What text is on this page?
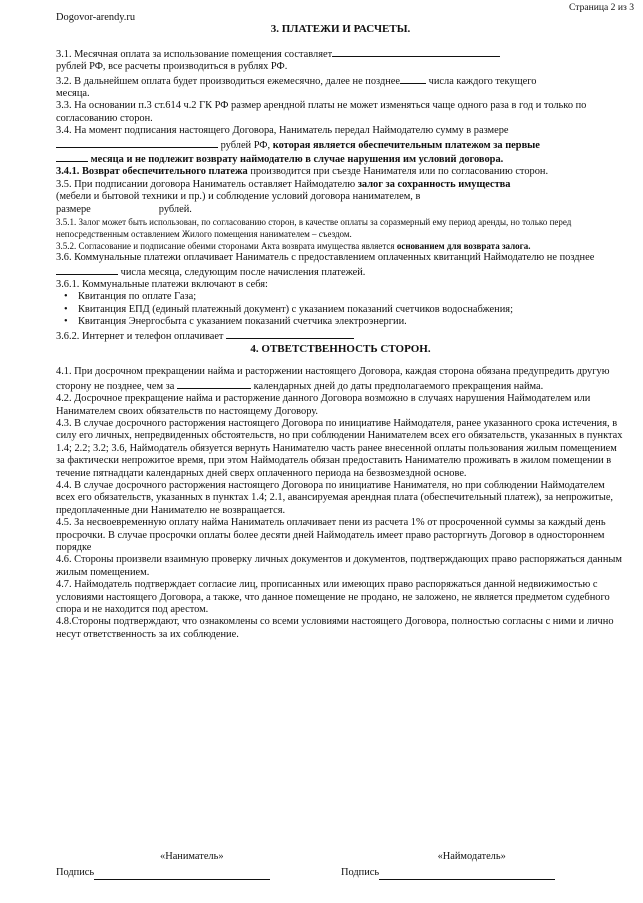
Страница 2 из 3
Dogovor-arendy.ru
3. ПЛАТЕЖИ И РАСЧЕТЫ.

3.1. Месячная оплата за использование помещения составляет
рублей РФ, все расчеты производиться в рублях РФ.

3.2. В дальнейшем оплата будет производиться ежемесячно, далее не позднее	числа каждого текущего
месяца.

3.3. На основании п.3 ст.614 ч.2 ГК РФ размер арендной платы не может изменяться чаще одного раза в год и только по согласованию сторон.

3.4. На момент подписания настоящего Договора, Наниматель передал Наймодателю сумму в размере
рублей РФ, которая является обеспечительным платежом за первые
месяца и не подлежит возврату наймодателю в случае нарушения им условий договора.

3.4.1. Возврат обеспечительного платежа производится при съезде Нанимателя или по согласованию сторон.

3.5. При подписании договора Наниматель оставляет Наймодателю залог за сохранность имущества
(мебели и бытовой техники и пр.) и соблюдение условий договора нанимателем, в
размере	рублей.

3.5.1. Залог может быть использован, по согласованию сторон, в качестве оплаты за соразмерный ему период аренды, но только перед непосредственным оставлением Жилого помещения нанимателем – съездом.

3.5.2. Согласование и подписание обеими сторонами Акта возврата имущества является основанием для возврата залога.

3.6. Коммунальные платежи оплачивает Наниматель с предоставлением оплаченных квитанций Наймодателю не позднее  числа месяца, следующим после начисления платежей.

3.6.1. Коммунальные платежи включают в себя:

• Квитанция по оплате Газа;
• Квитанция ЕПД (единый платежный документ) с указанием показаний счетчиков водоснабжения;
• Квитанция Энергосбыта с указанием показаний счетчика электроэнергии.

3.6.2. Интернет и телефон оплачивает

4. ОТВЕТСТВЕННОСТЬ СТОРОН.

4.1. При досрочном прекращении найма и расторжении настоящего Договора, каждая сторона обязана предупредить другую сторону не позднее, чем за	календарных дней до даты предполагаемого прекращения найма.

4.2. Досрочное прекращение найма и расторжение данного Договора возможно в случаях нарушения Наймодателем или Нанимателем своих обязательств по настоящему Договору.

4.3. В случае досрочного расторжения настоящего Договора по инициативе Наймодателя, ранее указанного срока истечения, в силу его личных, непредвиденных обстоятельств, но при соблюдении Нанимателем всех его обязательств, указанных в пунктах 1.4; 2.2; 3.2; 3.6, Наймодатель обязуется вернуть Нанимателю часть ранее внесенной оплаты пользования жилым помещением за фактически непрожитое время, при этом Наймодатель обязан предоставить Нанимателю проживать в жилом помещении в течение пятнадцати календарных дней сверх оплаченного периода на безвозмездной основе.

4.4. В случае досрочного расторжения настоящего Договора по инициативе Нанимателя, но при соблюдении Наймодателем всех его обязательств, указанных в пунктах 1.4; 2.1, авансируемая арендная плата (обеспечительный платеж), за непрожитые, предоплаченные дни Нанимателю не возвращается.

4.5. За несвоевременную оплату найма Наниматель оплачивает пени из расчета 1% от просроченной суммы за каждый день просрочки. В случае просрочки оплаты более десяти дней Наймодатель имеет право расторгнуть Договор в одностороннем порядке

4.6. Стороны произвели взаимную проверку личных документов и документов, подтверждающих право распоряжаться данным жилым помещением.

4.7. Наймодатель подтверждает согласие лиц, прописанных или имеющих право распоряжаться данной недвижимостью с условиями настоящего Договора, а также, что данное помещение не продано, не заложено, не является предметом судебного спора и не находится под арестом.

4.8.Стороны подтверждают, что ознакомлены со всеми условиями настоящего Договора, полностью согласны с ними и лично несут ответственность за их соблюдение.

«Наниматель»	«Наймодатель»
Подпись	Подпись
